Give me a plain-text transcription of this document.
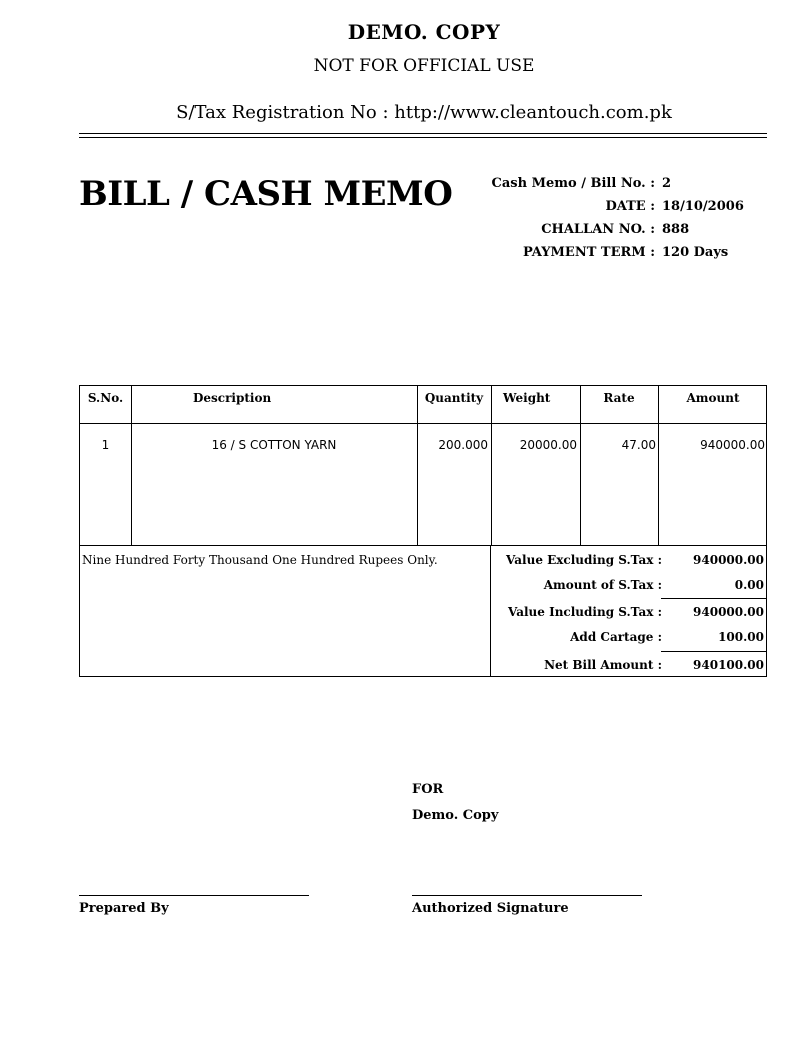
DEMO. COPY
NOT FOR OFFICIAL USE
S/Tax Registration No : http://www.cleantouch.com.pk
BILL / CASH MEMO	Cash Memo / Bill No. : 2
DATE : 18/10/2006
CHALLAN NO. : 888
PAYMENT TERM : 120 Days
S.No.	Description	Quantity	Weight	Rate	Amount
1	16 / S COTTON YARN	200.000	20000.00	47.00	940000.00
Nine Hundred Forty Thousand One Hundred Rupees Only.	Value Excluding S.Tax :	940000.00
Amount of S.Tax :	0.00
Value Including S.Tax :	940000.00
Add Cartage :	100.00
Net Bill Amount :	940100.00
FOR
Demo. Copy
Prepared By	Authorized Signature
